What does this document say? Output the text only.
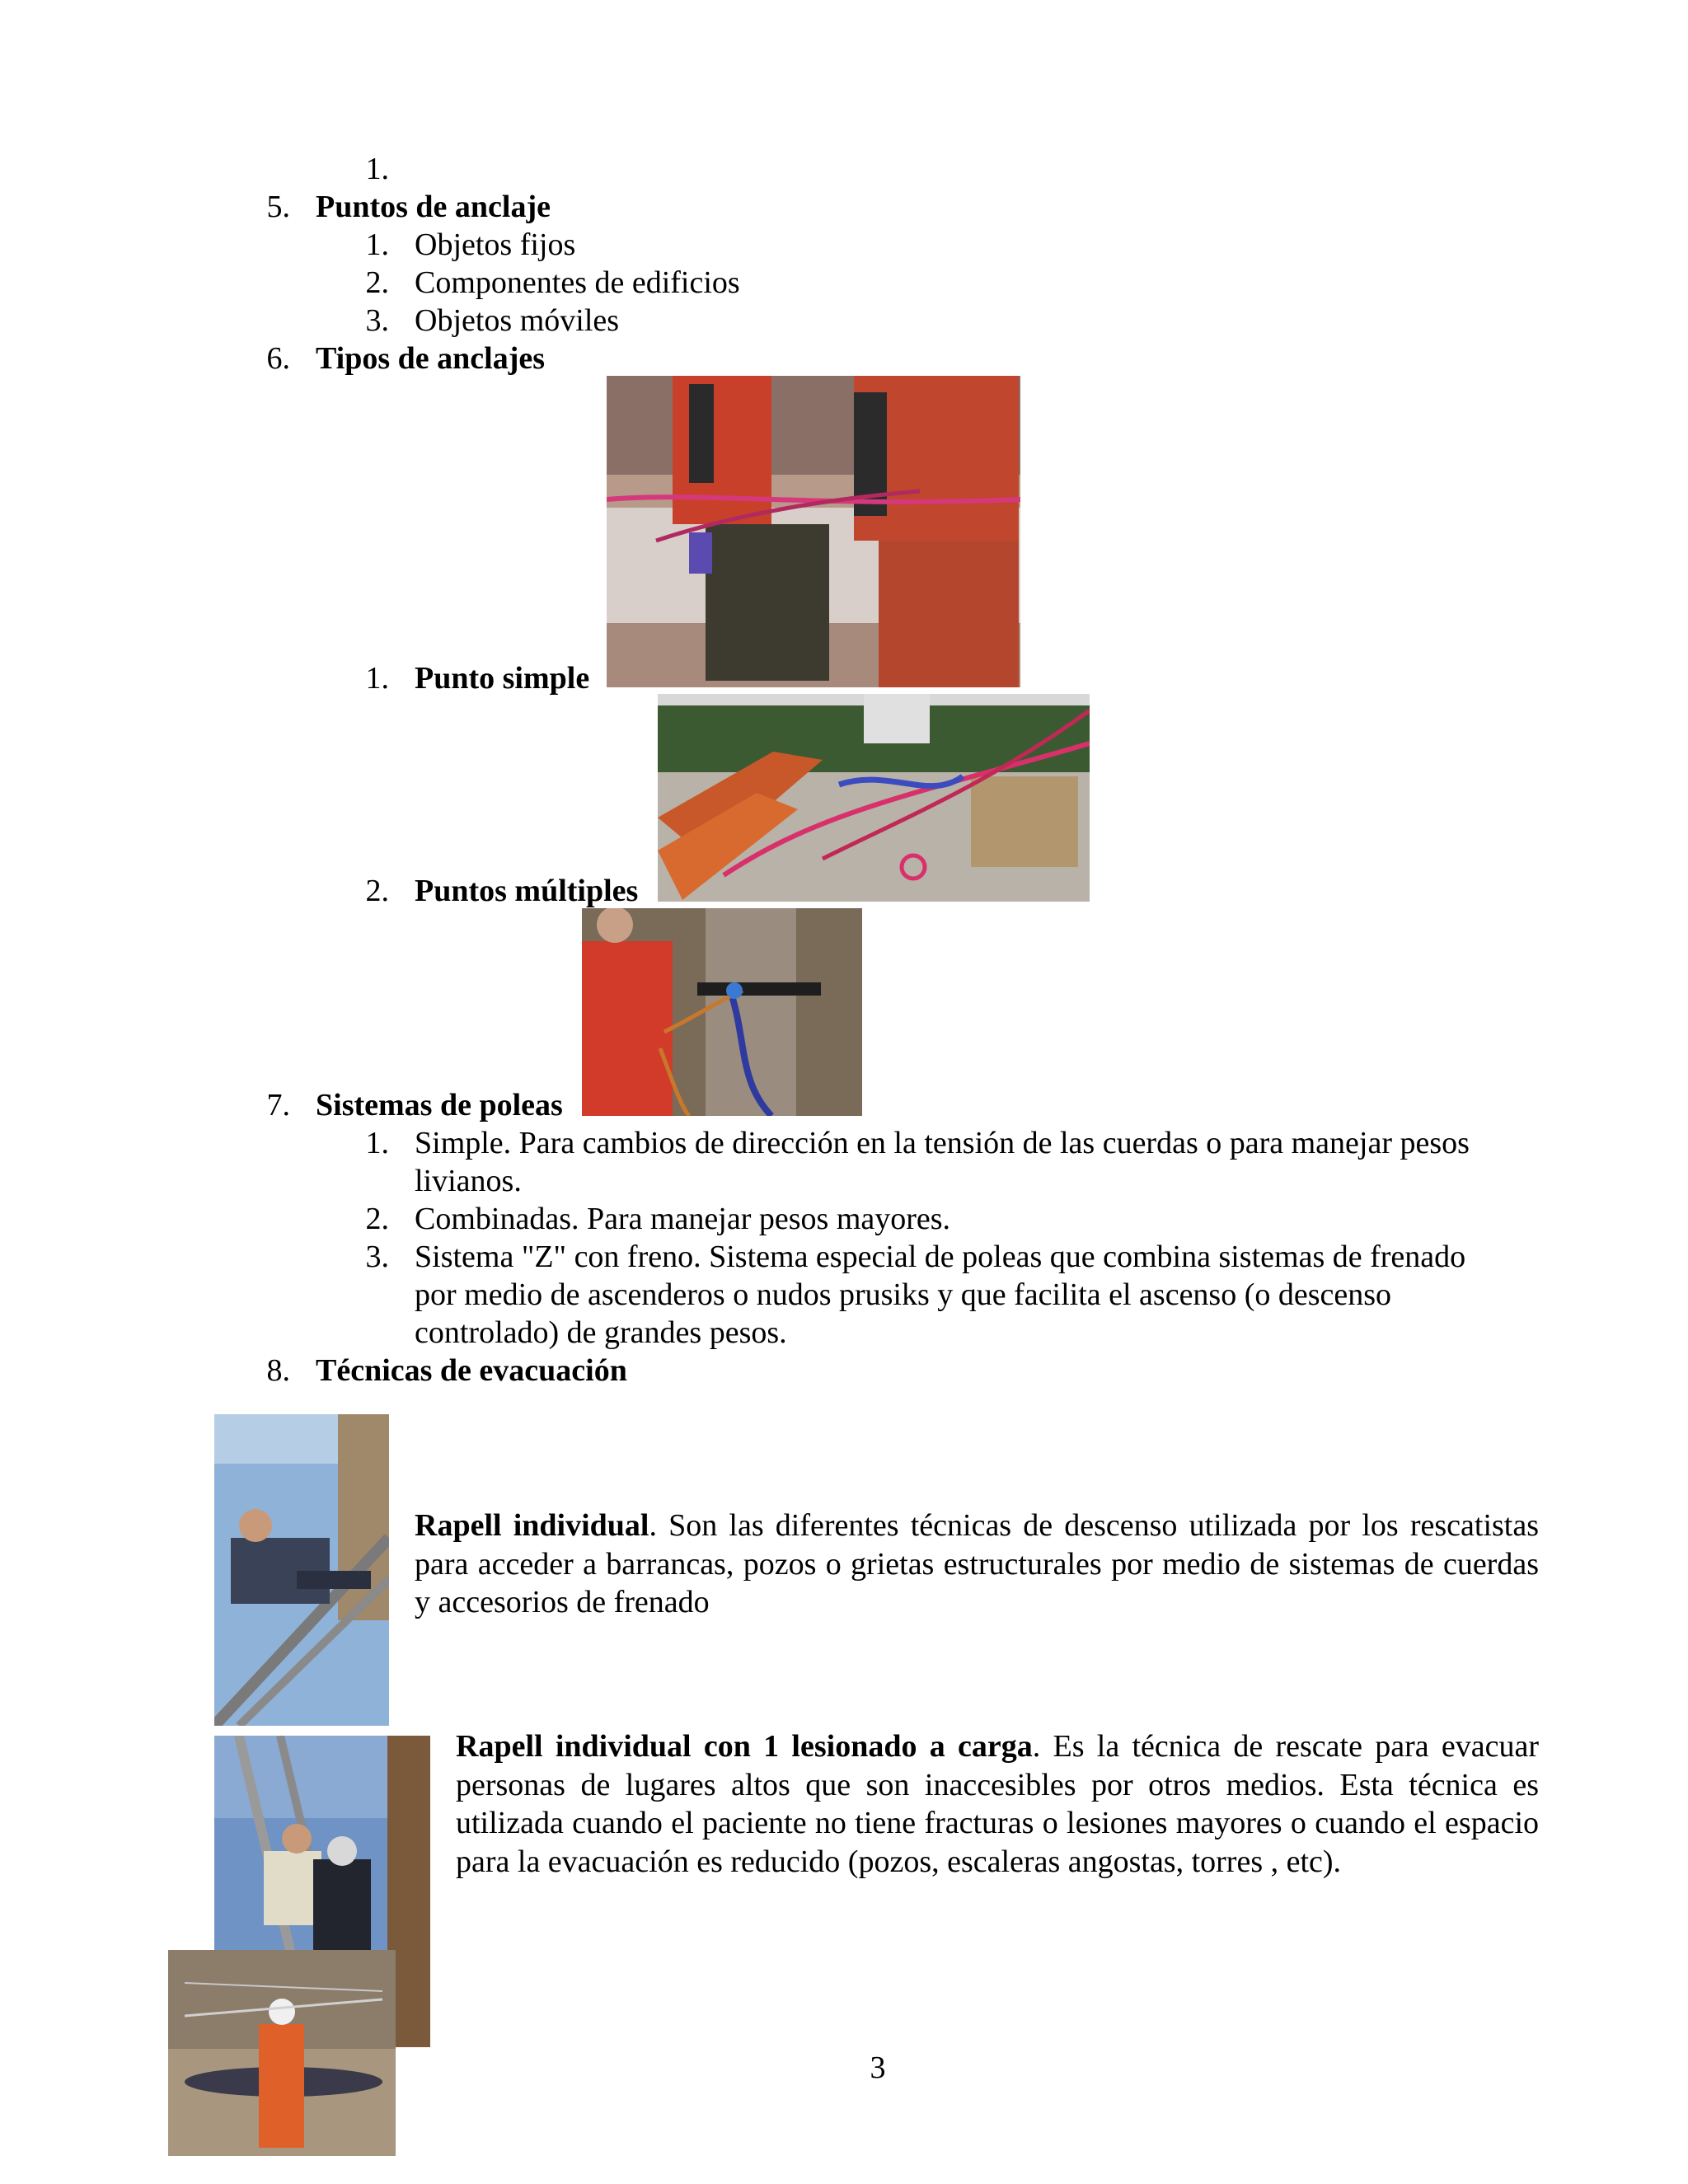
1.
5. Puntos de anclaje
1. Objetos fijos
2. Componentes de edificios
3. Objetos móviles
6. Tipos de anclajes
1. Punto simple
2. Puntos múltiples
7. Sistemas de poleas
1. Simple. Para cambios de dirección en la tensión de las cuerdas o para manejar pesos
livianos.
2. Combinadas. Para manejar pesos mayores.
3. Sistema "Z" con freno. Sistema especial de poleas que combina sistemas de frenado
por medio de ascenderos o nudos prusiks y que facilita el ascenso (o descenso
controlado) de grandes pesos.
8. Técnicas de evacuación
Rapell individual. Son las diferentes técnicas de descenso utilizada por los rescatistas para acceder a barrancas, pozos o grietas estructurales por medio de sistemas de cuerdas y accesorios de frenado
Rapell individual con 1 lesionado a carga. Es la técnica de rescate para evacuar personas de lugares altos que son inaccesibles por otros medios. Esta técnica es utilizada cuando el paciente no tiene fracturas o lesiones mayores o cuando el espacio para la evacuación es reducido (pozos, escaleras angostas, torres , etc).
3
